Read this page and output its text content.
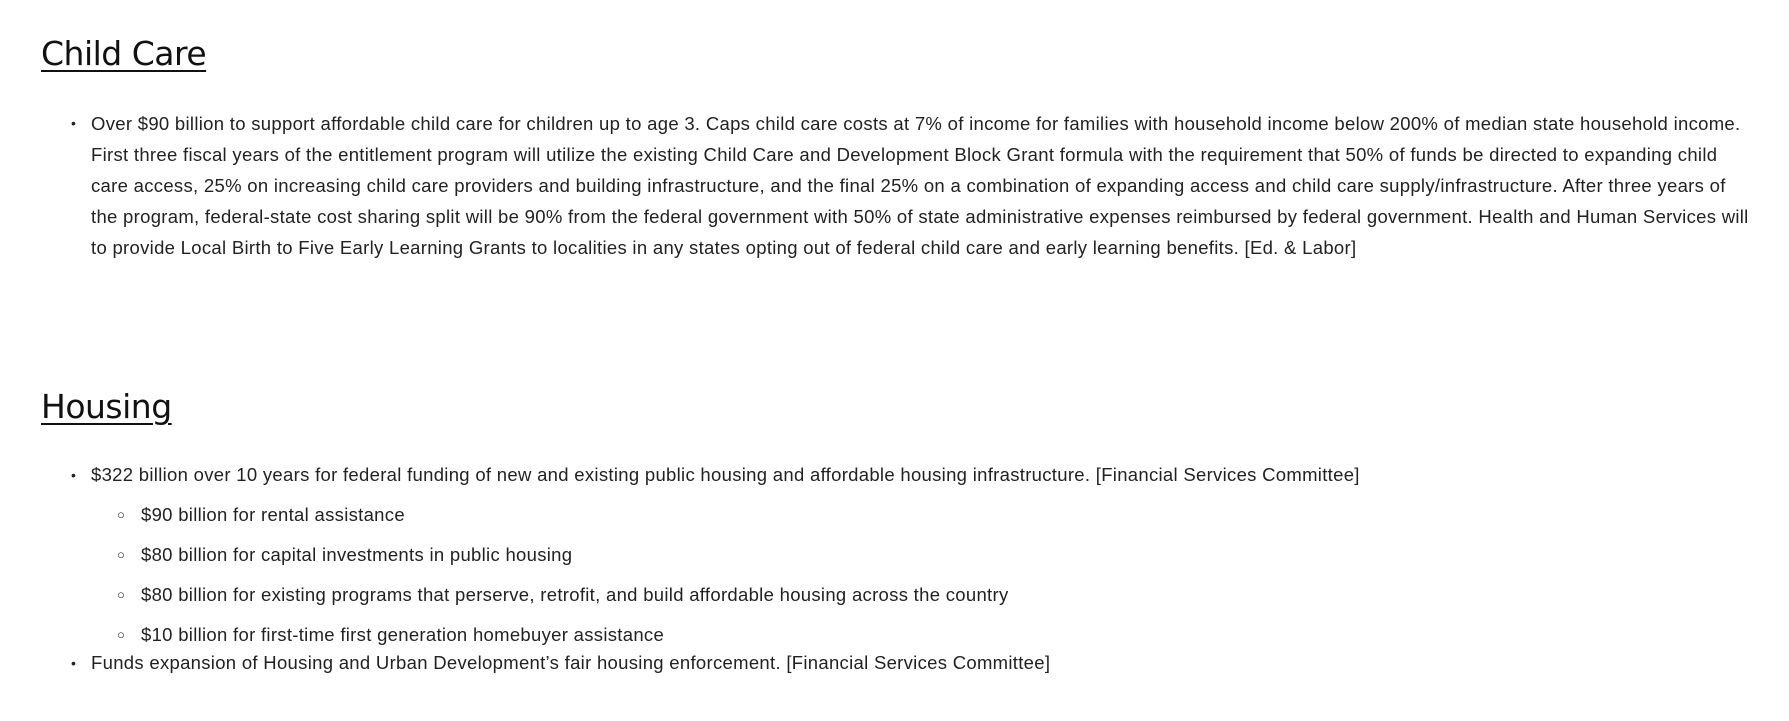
Child Care
• Over $90 billion to support affordable child care for children up to age 3. Caps child care costs at 7% of income for families with household income below 200% of median state household income. First three fiscal years of the entitlement program will utilize the existing Child Care and Development Block Grant formula with the requirement that 50% of funds be directed to expanding child care access, 25% on increasing child care providers and building infrastructure, and the final 25% on a combination of expanding access and child care supply/infrastructure. After three years of the program, federal-state cost sharing split will be 90% from the federal government with 50% of state administrative expenses reimbursed by federal government. Health and Human Services will to provide Local Birth to Five Early Learning Grants to localities in any states opting out of federal child care and early learning benefits. [Ed. & Labor]
Housing
• $322 billion over 10 years for federal funding of new and existing public housing and affordable housing infrastructure. [Financial Services Committee]
○ $90 billion for rental assistance
○ $80 billion for capital investments in public housing
○ $80 billion for existing programs that perserve, retrofit, and build affordable housing across the country
○ $10 billion for first-time first generation homebuyer assistance
• Funds expansion of Housing and Urban Development’s fair housing enforcement. [Financial Services Committee]
